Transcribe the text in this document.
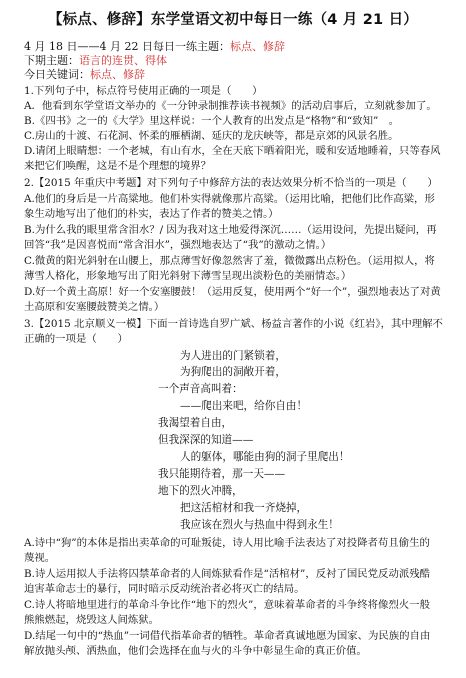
【标点、修辞】东学堂语文初中每日一练（4 月 21 日）
4 月 18 日——4 月 22 日每日一练主题：标点、修辞
下期主题：语言的连贯、得体
今日关键词：标点、修辞
1.下列句子中，标点符号使用正确的一项是（　　）
A．他看到东学堂语文举办的《一分钟录制推荐读书视频》的活动启事后，立刻就参加了。
B.《四书》之一的《大学》里这样说：一个人教育的出发点是“格物”和“致知”　。
C.房山的十渡、石花洞、怀柔的雁栖湖、延庆的龙庆峡等，都是京郊的风景名胜。
D.请闭上眼睛想：一个老城，有山有水，全在天底下晒着阳光，暖和安适地睡着，只等春风
来把它们唤醒，这是不是个理想的境界？
2.【2015 年重庆中考题】对下列句子中修辞方法的表达效果分析不恰当的一项是（　　）
A.他们的身后是一片高粱地。他们朴实得就像那片高粱。（运用比喻，把他们比作高粱，形
象生动地写出了他们的朴实，表达了作者的赞美之情。）
B.为什么我的眼里常含泪水？/ 因为我对这土地爱得深沉……（运用设问，先提出疑问，再
回答“我”是因喜悦而“常含泪水”，强烈地表达了“我”的激动之情。）
C.微黄的阳光斜射在山腰上，那点薄雪好像忽然害了羞，微微露出点粉色。（运用拟人，将
薄雪人格化，形象地写出了阳光斜射下薄雪呈现出淡粉色的美丽情态。）
D.好一个黄土高原！好一个安塞腰鼓！（运用反复，使用两个“好一个”，强烈地表达了对黄
土高原和安塞腰鼓赞美之情。）
3.【2015 北京顺义一模】下面一首诗选自罗广斌、杨益言著作的小说《红岩》，其中理解不
正确的一项是（　　）
为人进出的门紧锁着，
为狗爬出的洞敞开着，
一个声音高叫着：
——爬出来吧，给你自由！
我渴望着自由，
但我深深的知道——
人的躯体，哪能由狗的洞子里爬出！
我只能期待着，那一天——
地下的烈火冲腾，
把这活棺材和我一齐烧掉，
我应该在烈火与热血中得到永生！
A.诗中“狗”的本体是指出卖革命的可耻叛徒，诗人用比喻手法表达了对投降者苟且偷生的
蔑视。
B.诗人运用拟人手法将囚禁革命者的人间炼狱看作是“活棺材”，反衬了国民党反动派残酷
迫害革命志士的暴行，同时暗示反动统治者必将灭亡的结局。
C.诗人将暗地里进行的革命斗争比作“地下的烈火”，意味着革命者的斗争终将像烈火一般
熊熊燃起，烧毁这人间炼狱。
D.结尾一句中的“热血”一词借代指革命者的牺牲。革命者真诚地愿为国家、为民族的自由
解放抛头颅、洒热血，他们会选择在血与火的斗争中彰显生命的真正价值。
